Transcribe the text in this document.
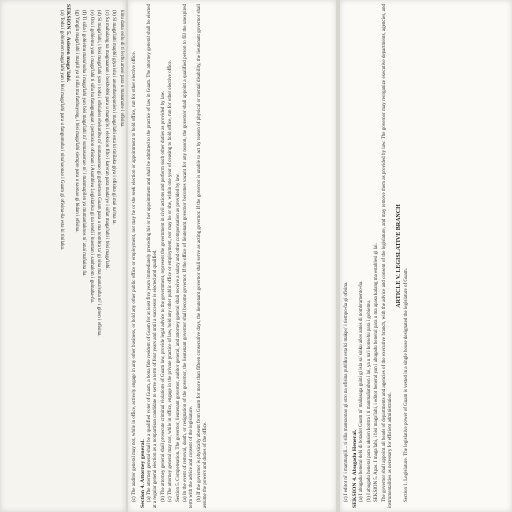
kinu dana osilu di ti lechu anosi para u mananane i ofisina.

(b) Si maga'lahi mapbii giya isla i anumbaxpunien i maga'lahi esta ki tinilaka giya i ofisina gi mai na'ma ta.

(c) Sa mahalang na magnaanan i bokbobbi para u mangi'is i eleksion fiho i kareran para mada'ye i siñat maga'lahi i bisi maga'lahi.

(d) Si maga'lahi, i bisi maga'lahi yan i todu i ofisialen ehekutibu ni' sumasaonao gi gobietnon Guam para u ma nombra ta' gi sina ma mana'suha ni' i ginen i ofisina.

(e) Oru i gobietnu yan i maga'lahi ti siña ha fanaguaguat i petmision ofisinan i Asamblea Legislativa gi na tendi i kuentan i sanhalom i guinaha-ña.

(f) Ti siña i gobietnu mana'suha i maga'lahi yan bisi maga'lahi ni' sumasaonao ni' i manmapilen ya mumanlaknos ni' anai mañaina ña.

(g) Yangin maga'lahi i mapili ya ti siña ma fanhuyong, i bisi maga'lahi siempre para u saonao gi bidan i ofisina.

SEKSION 5. Asisten maga'lahi.

(a) Todu i gobietnon maga'lahi yan i bisi maga'lahi para u fangumuha i nina'saonao i Guam gi ofisina-ña esta ki tinilaka.	(c) The auditor general may not, while in office, actively engage in any other business, or hold any other public office or employment, nor may he or she seek election or appointment to hold office, run for other elective office. Section 4. Attorney general. (a) The attorney general shall be a qualified voter of Guam, a bona fide resident of Guam for at least five years immediately preceding his or her appointment and shall be admitted to the practice of law in Guam. The attorney general shall be elected at a regular general election as a nonpartisan candidate to serve a term of four years and until a successor is elected and qualified. (b) The attorney general shall prosecute criminal violations of Guam law, provide legal advice to the government, represent the government in civil actions and perform such other duties as provided by law. (c) The attorney general may not, while in office, engage in the private practice of law, hold any other public office or employment, nor may he or she, within one year of ceasing to hold office, run for other elective office. Section 5. Compensation. The governor, lieutenant governor, auditor general, and attorney general shall receive a salary and other compensation as provided by law. (a) In the event of removal, death, or resignation of the governor, the lieutenant governor shall become governor. If the office of lieutenant governor becomes vacant for any reason, the governor shall appoint a qualified person to fill the unexpired term with the advice and consent of the legislature. (b) If the governor is physically absent from Guam for more than fifteen consecutive days, the lieutenant governor shall serve as acting governor. If the governor is unable to act by reason of physical or mental disability, the lieutenant governor shall assume the powers and duties of the office.	(c) I editot ni' i manmapili... ti siña mansaonao gi otro na ofisina publiku esta ki makpo' i tiempo-ña gi ofisina. SEKSION 4. Abugadu Heneral. (a) I abugadu heneral debi di botadot Guam ni' mañasaga guini gi isla sa' sinku años antes di nombramento-ña. (b) I abugadu heneral para u aksion kontra i ti manmañatuhon i lai, ya u na'i konsehu para i gobietnu. SEKSION 5. Apas. I maga'lahi, i bisi maga'lahi, i editot heneral yan i abugadu heneral para u ma apasa kalang ma establesi gi lai. The governor shall appoint all heads of departments and agencies of the executive branch, with the advice and consent of the legislature, and may remove them as provided by law. The governor may reorganize executive departments, agencies, and instrumentalities as necessary for efficient administration.

ARTICLE V. LEGISLATIVE BRANCH

Section 1. Legislature. The legislative power of Guam is vested in a single house designated the legislature of Guam.
